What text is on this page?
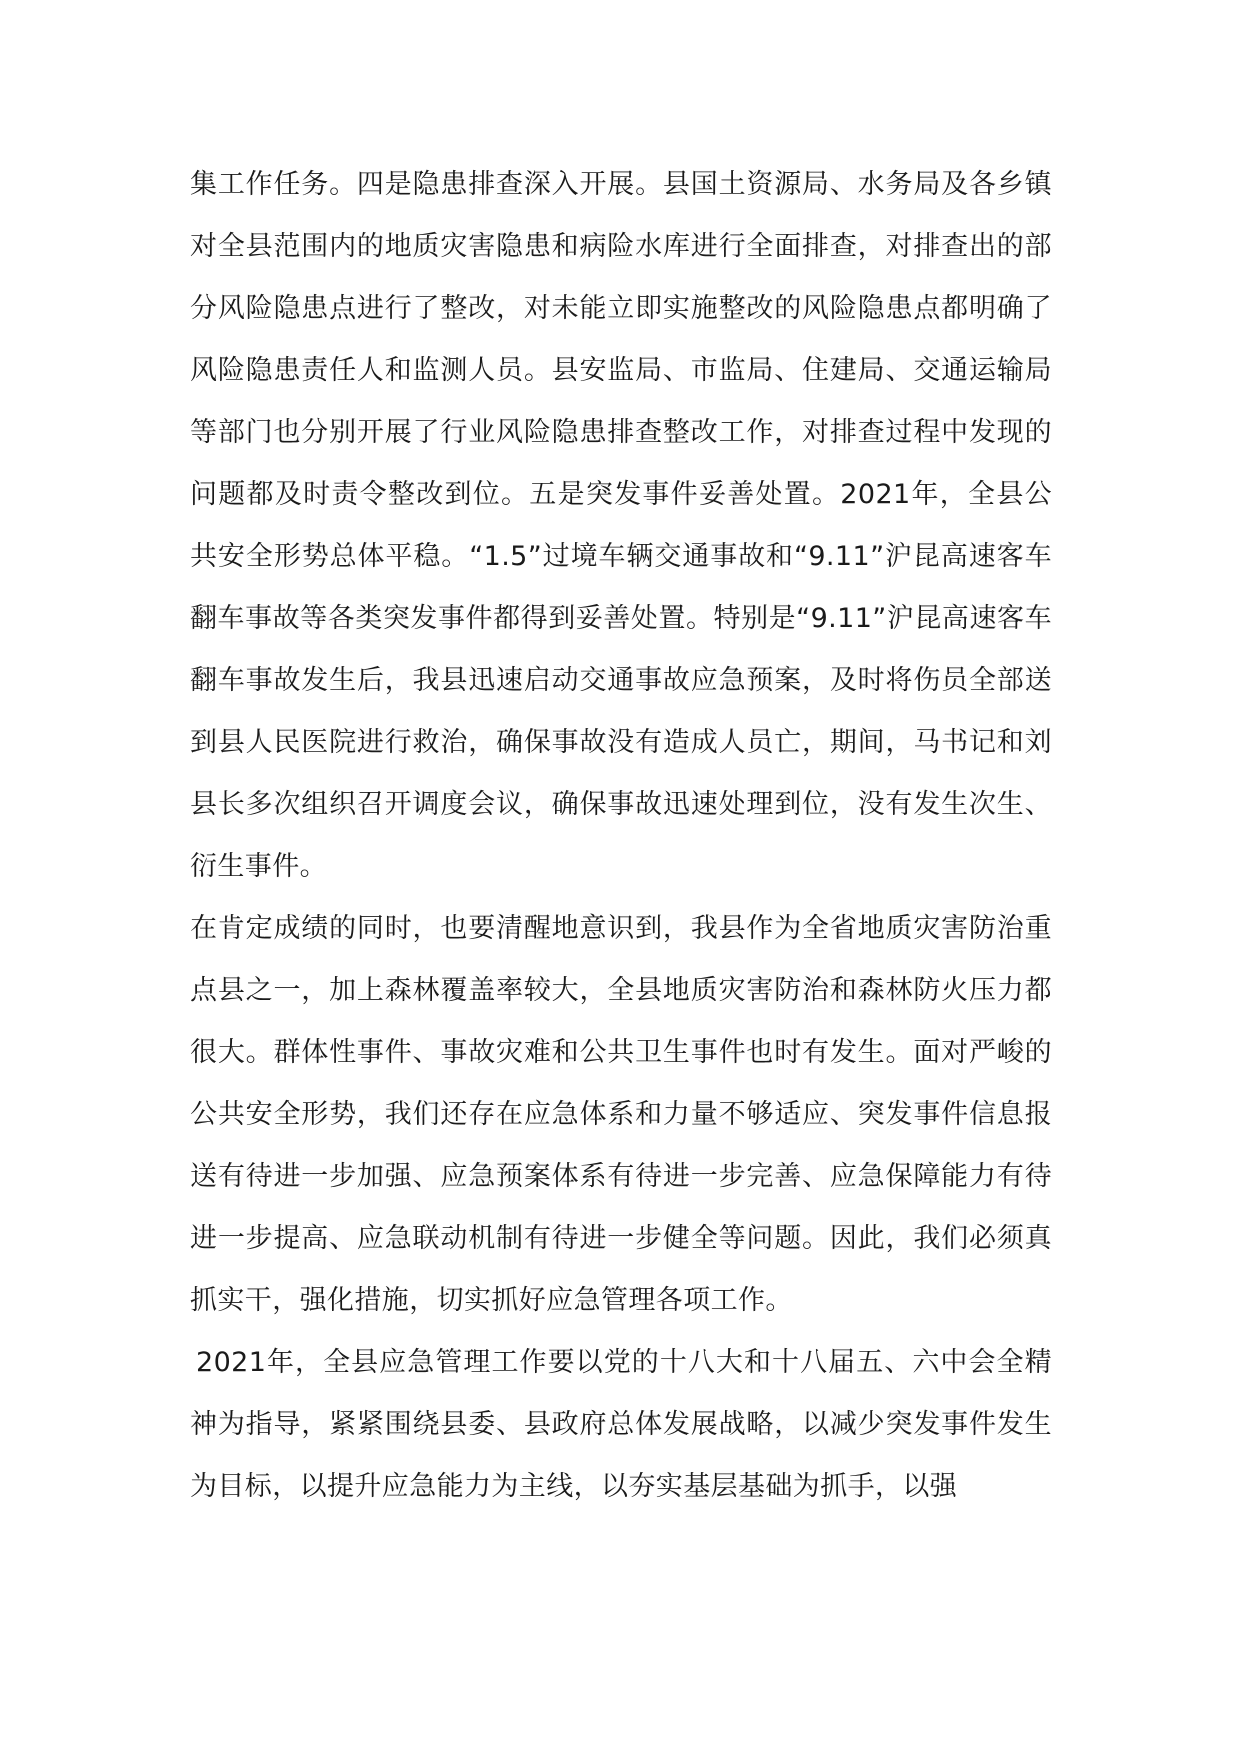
集工作任务。四是隐患排查深入开展。县国土资源局、水务局及各乡镇对全县范围内的地质灾害隐患和病险水库进行全面排查，对排查出的部分风险隐患点进行了整改，对未能立即实施整改的风险隐患点都明确了风险隐患责任人和监测人员。县安监局、市监局、住建局、交通运输局等部门也分别开展了行业风险隐患排查整改工作，对排查过程中发现的问题都及时责令整改到位。五是突发事件妥善处置。2021年，全县公共安全形势总体平稳。“1.5”过境车辆交通事故和“9.11”沪昆高速客车翻车事故等各类突发事件都得到妥善处置。特别是“9.11”沪昆高速客车翻车事故发生后，我县迅速启动交通事故应急预案，及时将伤员全部送到县人民医院进行救治，确保事故没有造成人员亡，期间，马书记和刘县长多次组织召开调度会议，确保事故迅速处理到位，没有发生次生、衍生事件。

在肯定成绩的同时，也要清醒地意识到，我县作为全省地质灾害防治重点县之一，加上森林覆盖率较大，全县地质灾害防治和森林防火压力都很大。群体性事件、事故灾难和公共卫生事件也时有发生。面对严峻的公共安全形势，我们还存在应急体系和力量不够适应、突发事件信息报送有待进一步加强、应急预案体系有待进一步完善、应急保障能力有待进一步提高、应急联动机制有待进一步健全等问题。因此，我们必须真抓实干，强化措施，切实抓好应急管理各项工作。

2021年，全县应急管理工作要以党的十八大和十八届五、六中会全精神为指导，紧紧围绕县委、县政府总体发展战略，以减少突发事件发生为目标，以提升应急能力为主线，以夯实基层基础为抓手，以强
